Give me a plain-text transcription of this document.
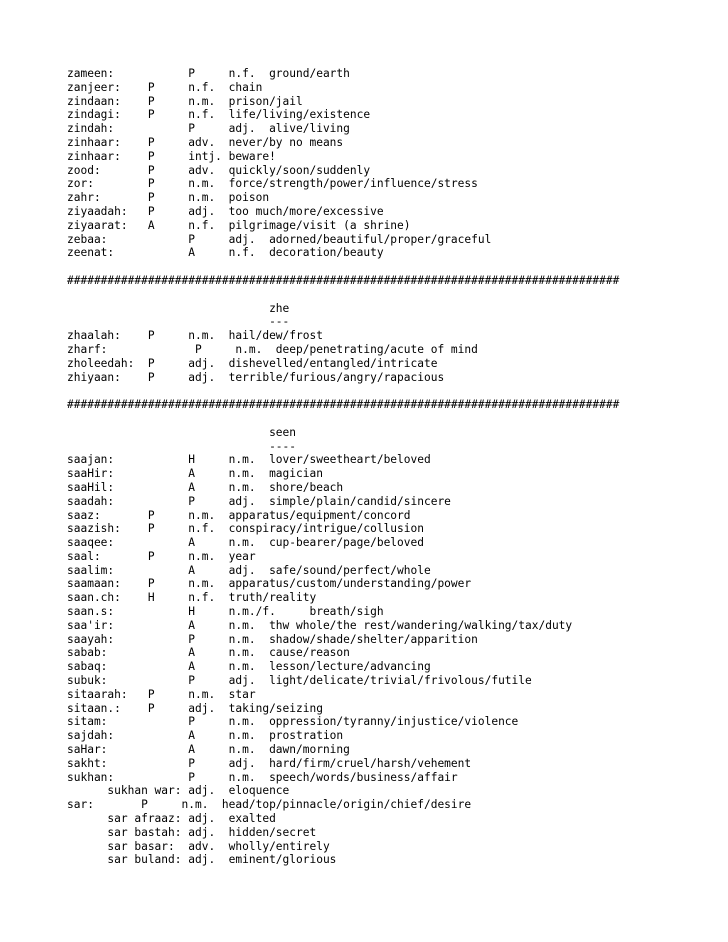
zameen:           P     n.f.  ground/earth
zanjeer:    P     n.f.  chain
zindaan:    P     n.m.  prison/jail
zindagi:    P     n.f.  life/living/existence
zindah:           P     adj.  alive/living
zinhaar:    P     adv.  never/by no means
zinhaar:    P     intj. beware!
zood:       P     adv.  quickly/soon/suddenly
zor:        P     n.m.  force/strength/power/influence/stress
zahr:       P     n.m.  poison
ziyaadah:   P     adj.  too much/more/excessive
ziyaarat:   A     n.f.  pilgrimage/visit (a shrine)
zebaa:            P     adj.  adorned/beautiful/proper/graceful
zeenat:           A     n.f.  decoration/beauty
##################################################################################
zhe
---
zhaalah:    P     n.m.  hail/dew/frost
zharf:             P     n.m.  deep/penetrating/acute of mind
zholeedah:  P     adj.  dishevelled/entangled/intricate
zhiyaan:    P     adj.  terrible/furious/angry/rapacious
##################################################################################
seen
----
saajan:           H     n.m.  lover/sweetheart/beloved
saaHir:           A     n.m.  magician
saaHil:           A     n.m.  shore/beach
saadah:           P     adj.  simple/plain/candid/sincere
saaz:       P     n.m.  apparatus/equipment/concord
saazish:    P     n.f.  conspiracy/intrigue/collusion
saaqee:           A     n.m.  cup-bearer/page/beloved
saal:       P     n.m.  year
saalim:           A     adj.  safe/sound/perfect/whole
saamaan:    P     n.m.  apparatus/custom/understanding/power
saan.ch:    H     n.f.  truth/reality
saan.s:           H     n.m./f.     breath/sigh
saa'ir:           A     n.m.  thw whole/the rest/wandering/walking/tax/duty
saayah:           P     n.m.  shadow/shade/shelter/apparition
sabab:            A     n.m.  cause/reason
sabaq:            A     n.m.  lesson/lecture/advancing
subuk:            P     adj.  light/delicate/trivial/frivolous/futile
sitaarah:   P     n.m.  star
sitaan.:    P     adj.  taking/seizing
sitam:            P     n.m.  oppression/tyranny/injustice/violence
sajdah:           A     n.m.  prostration
saHar:            A     n.m.  dawn/morning
sakht:            P     adj.  hard/firm/cruel/harsh/vehement
sukhan:           P     n.m.  speech/words/business/affair
sukhan war: adj.  eloquence
sar:       P     n.m.  head/top/pinnacle/origin/chief/desire
sar afraaz: adj.  exalted
sar bastah: adj.  hidden/secret
sar basar:  adv.  wholly/entirely
sar buland: adj.  eminent/glorious
